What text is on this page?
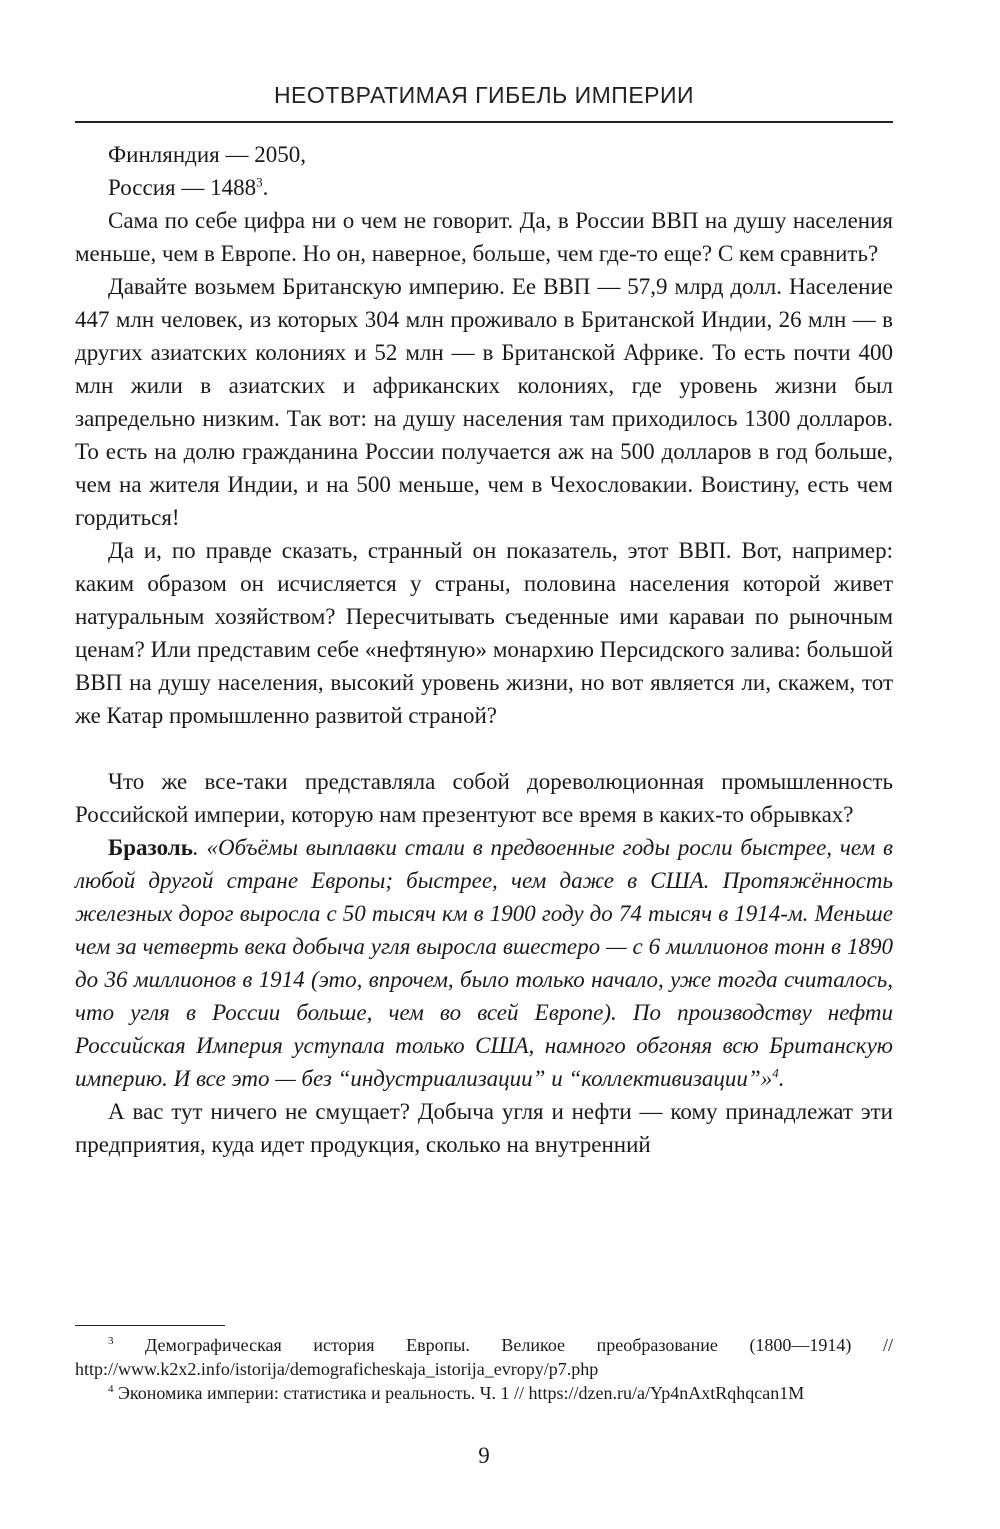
НЕОТВРАТИМАЯ ГИБЕЛЬ ИМПЕРИИ

Финляндия — 2050,

Россия — 1488$^3$.

Сама по себе цифра ни о чем не говорит. Да, в России ВВП на душу населения меньше, чем в Европе. Но он, наверное, больше, чем где-то еще? С кем сравнить?

Давайте возьмем Британскую империю. Ее ВВП — 57,9 млрд долл. Население 447 млн человек, из которых 304 млн проживало в Британской Индии, 26 млн — в других азиатских колониях и 52 млн — в Британской Африке. То есть почти 400 млн жили в азиатских и африканских колониях, где уровень жизни был запредельно низким. Так вот: на душу населения там приходилось 1300 долларов. То есть на долю гражданина России получается аж на 500 долларов в год больше, чем на жителя Индии, и на 500 меньше, чем в Чехословакии. Воистину, есть чем гордиться!

Да и, по правде сказать, странный он показатель, этот ВВП. Вот, например: каким образом он исчисляется у страны, половина населения которой живет натуральным хозяйством? Пересчитывать съеденные ими караваи по рыночным ценам? Или представим себе «нефтяную» монархию Персидского залива: большой ВВП на душу населения, высокий уровень жизни, но вот является ли, скажем, тот же Катар промышленно развитой страной?

Что же все-таки представляла собой дореволюционная промышленность Российской империи, которую нам презентуют все время в каких-то обрывках?

Бразоль. «Объёмы выплавки стали в предвоенные годы росли быстрее, чем в любой другой стране Европы; быстрее, чем даже в США. Протяжённость железных дорог выросла с 50 тысяч км в 1900 году до 74 тысяч в 1914-м. Меньше чем за четверть века добыча угля выросла вшестеро — с 6 миллионов тонн в 1890 до 36 миллионов в 1914 (это, впрочем, было только начало, уже тогда считалось, что угля в России больше, чем во всей Европе). По производству нефти Российская Империя уступала только США, намного обгоняя всю Британскую империю. И все это — без “индустриализации” и “коллективизации”»$^4$.

А вас тут ничего не смущает? Добыча угля и нефти — кому принадлежат эти предприятия, куда идет продукция, сколько на внутренний

$^3$ Демографическая история Европы. Великое преобразование (1800—1914) // http://www.k2x2.info/istorija/demograficheskaja_istorija_evropy/p7.php

$^4$ Экономика империи: статистика и реальность. Ч. 1 // https://dzen.ru/a/Yp4nAxtRqhqcan1M

9
